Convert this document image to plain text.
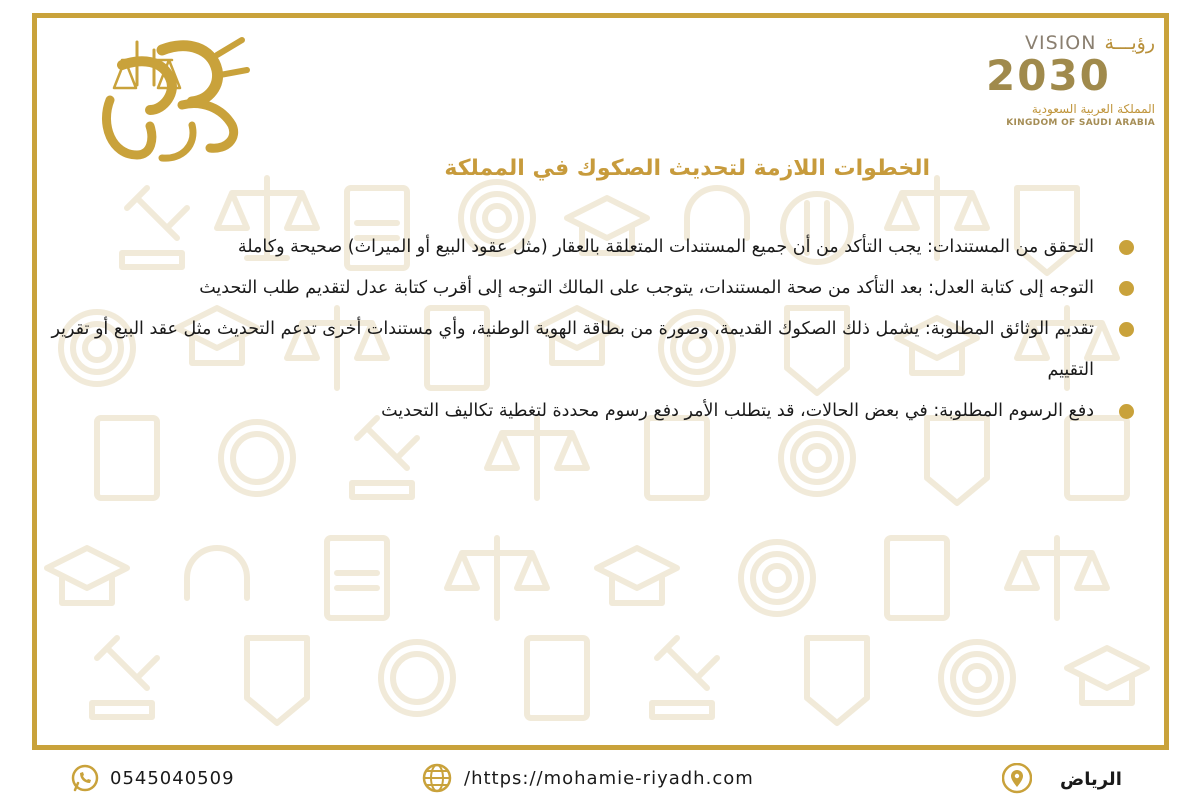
VISION رؤيـــة
2030
المملكة العربية السعودية
KINGDOM OF SAUDI ARABIA
الخطوات اللازمة لتحديث الصكوك في المملكة
التحقق من المستندات: يجب التأكد من أن جميع المستندات المتعلقة بالعقار (مثل عقود البيع أو الميراث) صحيحة وكاملة
التوجه إلى كتابة العدل: بعد التأكد من صحة المستندات، يتوجب على المالك التوجه إلى أقرب كتابة عدل لتقديم طلب التحديث
تقديم الوثائق المطلوبة: يشمل ذلك الصكوك القديمة، وصورة من بطاقة الهوية الوطنية، وأي مستندات أخرى تدعم التحديث مثل عقد البيع أو تقرير التقييم
دفع الرسوم المطلوبة: في بعض الحالات، قد يتطلب الأمر دفع رسوم محددة لتغطية تكاليف التحديث
0545040509	/https://mohamie-riyadh.com	الرياض
